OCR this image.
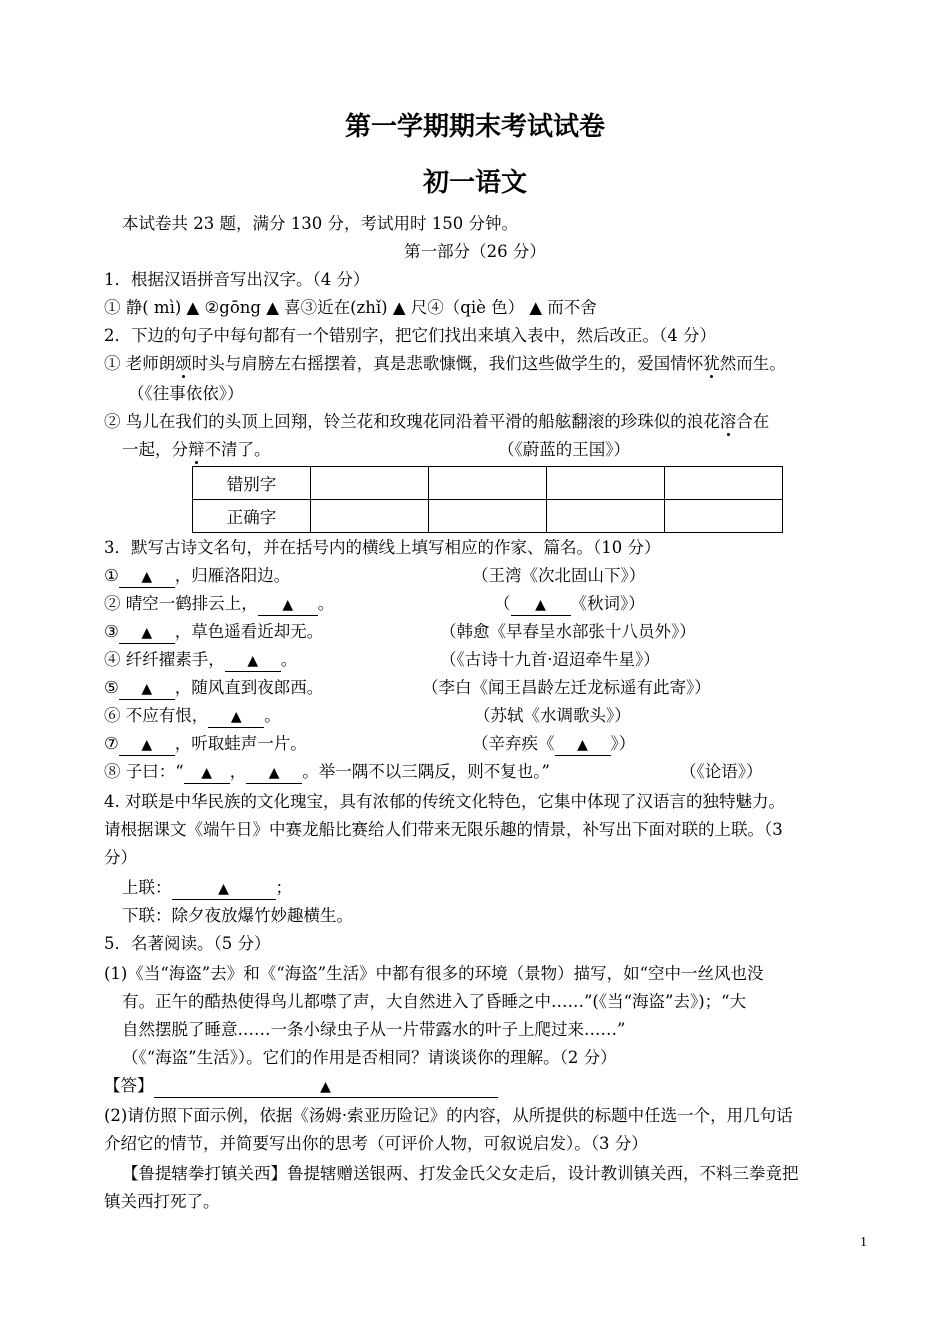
第一学期期末考试试卷
初一语文
本试卷共 23 题，满分 130 分，考试用时 150 分钟。
第一部分（26 分）
1．根据汉语拼音写出汉字。（4 分）
① 静( mì) ▲ ②gōng ▲ 喜③近在(zhǐ) ▲ 尺④（qiè 色） ▲ 而不舍
2．下边的句子中每句都有一个错别字，把它们找出来填入表中，然后改正。（4 分）
① 老师朗颂时头与肩膀左右摇摆着，真是悲歌慷慨，我们这些做学生的，爱国情怀犹然而生。
（《往事依依》）
② 鸟儿在我们的头顶上回翔，铃兰花和玫瑰花同沿着平滑的船舷翻滚的珍珠似的浪花溶合在
一起，分辩不清了。	（《蔚蓝的王国》）
错别字				
正确字				
3．默写古诗文名句，并在括号内的横线上填写相应的作家、篇名。（10 分）
① ▲ ，归雁洛阳边。	（王湾《次北固山下》）
② 晴空一鹤排云上， ▲ 。	（ ▲ 《秋词》）
③ ▲ ，草色遥看近却无。	（韩愈《早春呈水部张十八员外》）
④ 纤纤擢素手， ▲ 。	（《古诗十九首·迢迢牵牛星》）
⑤ ▲ ，随风直到夜郎西。	（李白《闻王昌龄左迁龙标遥有此寄》）
⑥ 不应有恨， ▲ 。	（苏轼《水调歌头》）
⑦ ▲ ，听取蛙声一片。	（辛弃疾《 ▲ 》）
⑧ 子曰：“ ▲ ， ▲ 。举一隅不以三隅反，则不复也。”	（《论语》）
4. 对联是中华民族的文化瑰宝，具有浓郁的传统文化特色，它集中体现了汉语言的独特魅力。
请根据课文《端午日》中赛龙船比赛给人们带来无限乐趣的情景，补写出下面对联的上联。（3
分）
上联：	▲	；
下联：除夕夜放爆竹妙趣横生。
5．名著阅读。（5 分）
(1)《当“海盗”去》和《“海盗”生活》中都有很多的环境（景物）描写，如“空中一丝风也没
有。正午的酷热使得鸟儿都噤了声，大自然进入了昏睡之中……”(《当“海盗”去》)；“大
自然摆脱了睡意……一条小绿虫子从一片带露水的叶子上爬过来……”
（《“海盗”生活》）。它们的作用是否相同？请谈谈你的理解。（2 分）
【答】	▲
(2)请仿照下面示例，依据《汤姆·索亚历险记》的内容，从所提供的标题中任选一个，用几句话
介绍它的情节，并简要写出你的思考（可评价人物，可叙说启发）。（3 分）
【鲁提辖拳打镇关西】鲁提辖赠送银两、打发金氏父女走后，设计教训镇关西，不料三拳竟把
镇关西打死了。
1
